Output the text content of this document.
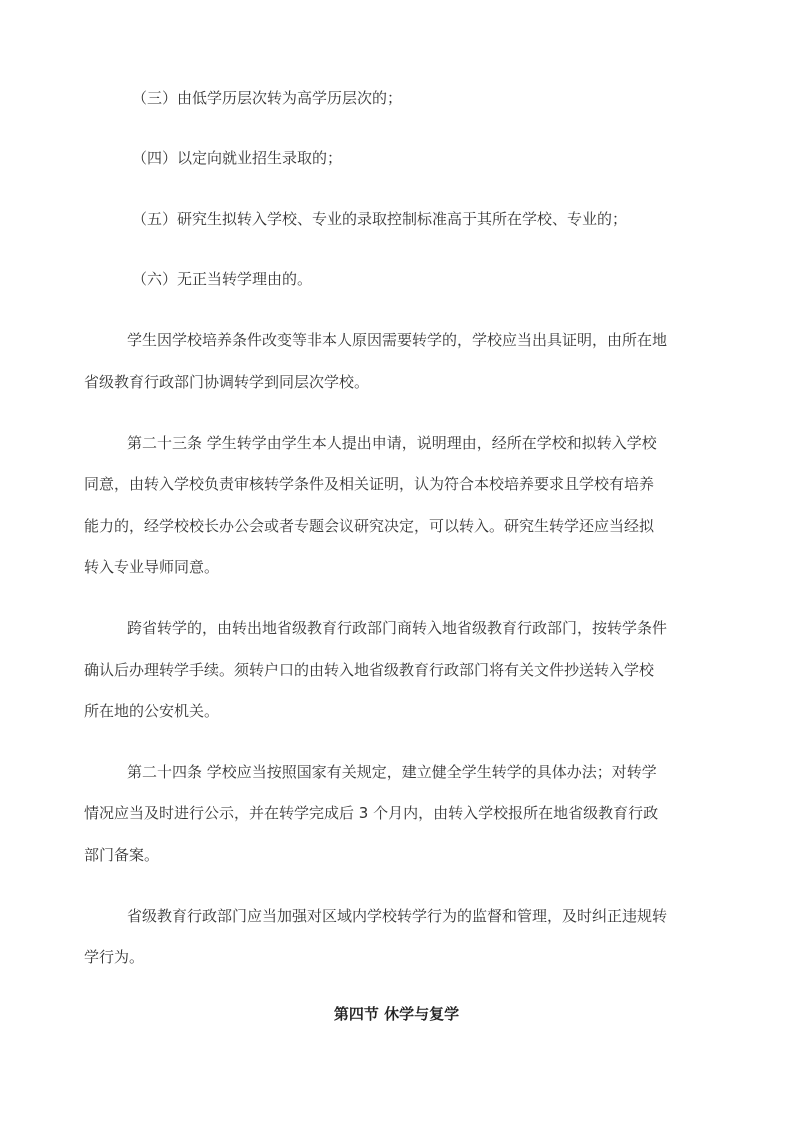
（三）由低学历层次转为高学历层次的；
（四）以定向就业招生录取的；
（五）研究生拟转入学校、专业的录取控制标准高于其所在学校、专业的；
（六）无正当转学理由的。
学生因学校培养条件改变等非本人原因需要转学的，学校应当出具证明，由所在地
省级教育行政部门协调转学到同层次学校。
第二十三条 学生转学由学生本人提出申请，说明理由，经所在学校和拟转入学校
同意，由转入学校负责审核转学条件及相关证明，认为符合本校培养要求且学校有培养
能力的，经学校校长办公会或者专题会议研究决定，可以转入。研究生转学还应当经拟
转入专业导师同意。
跨省转学的，由转出地省级教育行政部门商转入地省级教育行政部门，按转学条件
确认后办理转学手续。须转户口的由转入地省级教育行政部门将有关文件抄送转入学校
所在地的公安机关。
第二十四条 学校应当按照国家有关规定，建立健全学生转学的具体办法；对转学
情况应当及时进行公示，并在转学完成后 3 个月内，由转入学校报所在地省级教育行政
部门备案。
省级教育行政部门应当加强对区域内学校转学行为的监督和管理，及时纠正违规转
学行为。
第四节 休学与复学
